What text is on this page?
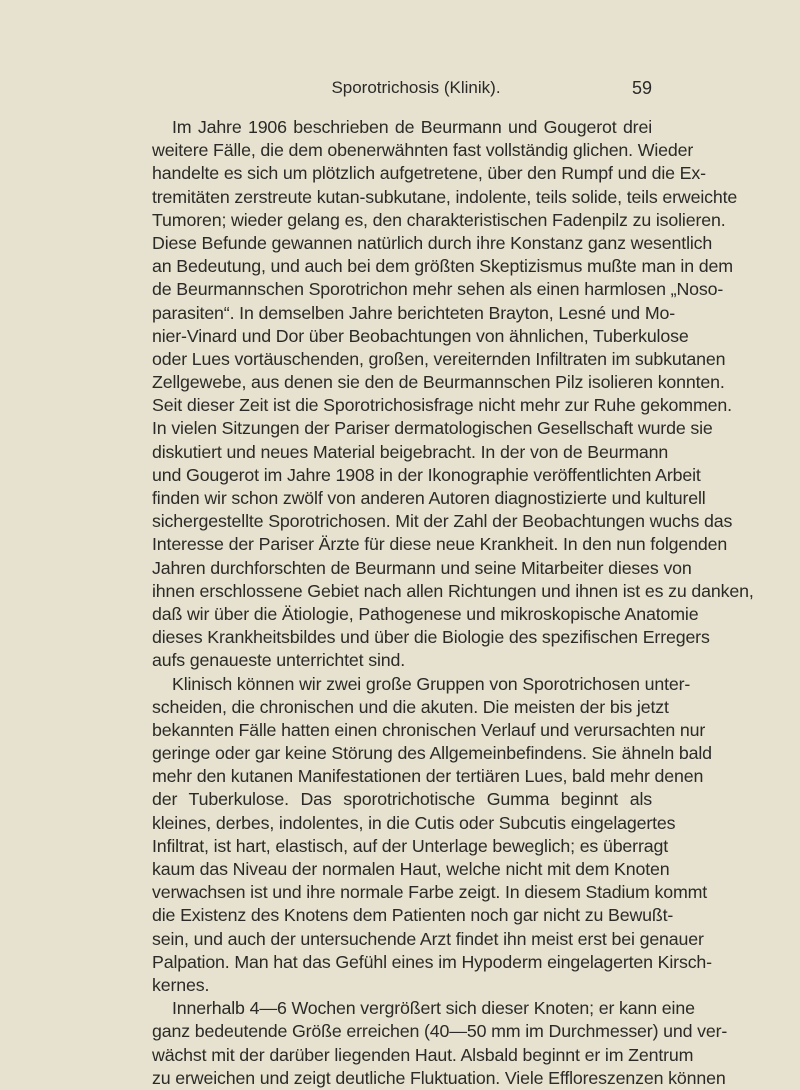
Sporotrichosis (Klinik).	59
Im Jahre 1906 beschrieben de Beurmann und Gougerot drei
weitere Fälle, die dem obenerwähnten fast vollständig glichen. Wieder
handelte es sich um plötzlich aufgetretene, über den Rumpf und die Ex-
tremitäten zerstreute kutan-subkutane, indolente, teils solide, teils erweichte
Tumoren; wieder gelang es, den charakteristischen Fadenpilz zu isolieren.
Diese Befunde gewannen natürlich durch ihre Konstanz ganz wesentlich
an Bedeutung, und auch bei dem größten Skeptizismus mußte man in dem
de Beurmannschen Sporotrichon mehr sehen als einen harmlosen „Noso-
parasiten“. In demselben Jahre berichteten Brayton, Lesné und Mo-
nier-Vinard und Dor über Beobachtungen von ähnlichen, Tuberkulose
oder Lues vortäuschenden, großen, vereiternden Infiltraten im subkutanen
Zellgewebe, aus denen sie den de Beurmannschen Pilz isolieren konnten.
Seit dieser Zeit ist die Sporotrichosisfrage nicht mehr zur Ruhe gekommen.
In vielen Sitzungen der Pariser dermatologischen Gesellschaft wurde sie
diskutiert und neues Material beigebracht. In der von de Beurmann
und Gougerot im Jahre 1908 in der Ikonographie veröffentlichten Arbeit
finden wir schon zwölf von anderen Autoren diagnostizierte und kulturell
sichergestellte Sporotrichosen. Mit der Zahl der Beobachtungen wuchs das
Interesse der Pariser Ärzte für diese neue Krankheit. In den nun folgenden
Jahren durchforschten de Beurmann und seine Mitarbeiter dieses von
ihnen erschlossene Gebiet nach allen Richtungen und ihnen ist es zu danken,
daß wir über die Ätiologie, Pathogenese und mikroskopische Anatomie
dieses Krankheitsbildes und über die Biologie des spezifischen Erregers
aufs genaueste unterrichtet sind.
Klinisch können wir zwei große Gruppen von Sporotrichosen unter-
scheiden, die chronischen und die akuten. Die meisten der bis jetzt
bekannten Fälle hatten einen chronischen Verlauf und verursachten nur
geringe oder gar keine Störung des Allgemeinbefindens. Sie ähneln bald
mehr den kutanen Manifestationen der tertiären Lues, bald mehr denen
der Tuberkulose. Das sporotrichotische Gumma beginnt als
kleines, derbes, indolentes, in die Cutis oder Subcutis eingelagertes
Infiltrat, ist hart, elastisch, auf der Unterlage beweglich; es überragt
kaum das Niveau der normalen Haut, welche nicht mit dem Knoten
verwachsen ist und ihre normale Farbe zeigt. In diesem Stadium kommt
die Existenz des Knotens dem Patienten noch gar nicht zu Bewußt-
sein, und auch der untersuchende Arzt findet ihn meist erst bei genauer
Palpation. Man hat das Gefühl eines im Hypoderm eingelagerten Kirsch-
kernes.
Innerhalb 4—6 Wochen vergrößert sich dieser Knoten; er kann eine
ganz bedeutende Größe erreichen (40—50 mm im Durchmesser) und ver-
wächst mit der darüber liegenden Haut. Alsbald beginnt er im Zentrum
zu erweichen und zeigt deutliche Fluktuation. Viele Effloreszenzen können
